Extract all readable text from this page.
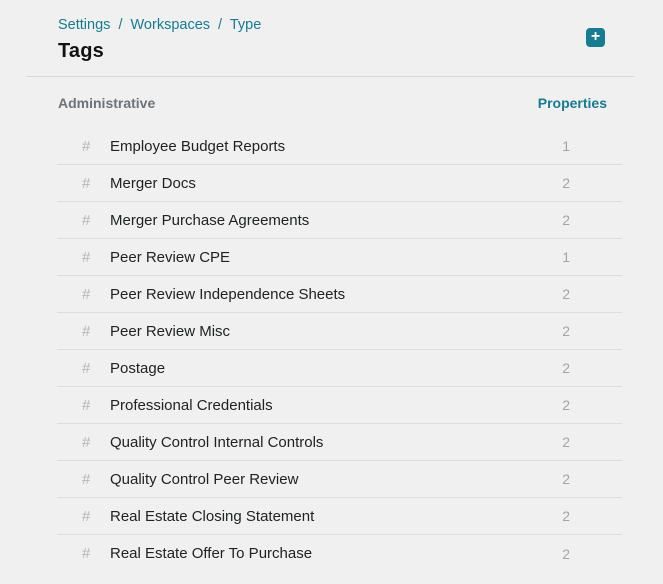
Settings / Workspaces / Type
Tags
+
Administrative	Properties
#	Employee Budget Reports	1
#	Merger Docs	2
#	Merger Purchase Agreements	2
#	Peer Review CPE	1
#	Peer Review Independence Sheets	2
#	Peer Review Misc	2
#	Postage	2
#	Professional Credentials	2
#	Quality Control Internal Controls	2
#	Quality Control Peer Review	2
#	Real Estate Closing Statement	2
#	Real Estate Offer To Purchase	2
